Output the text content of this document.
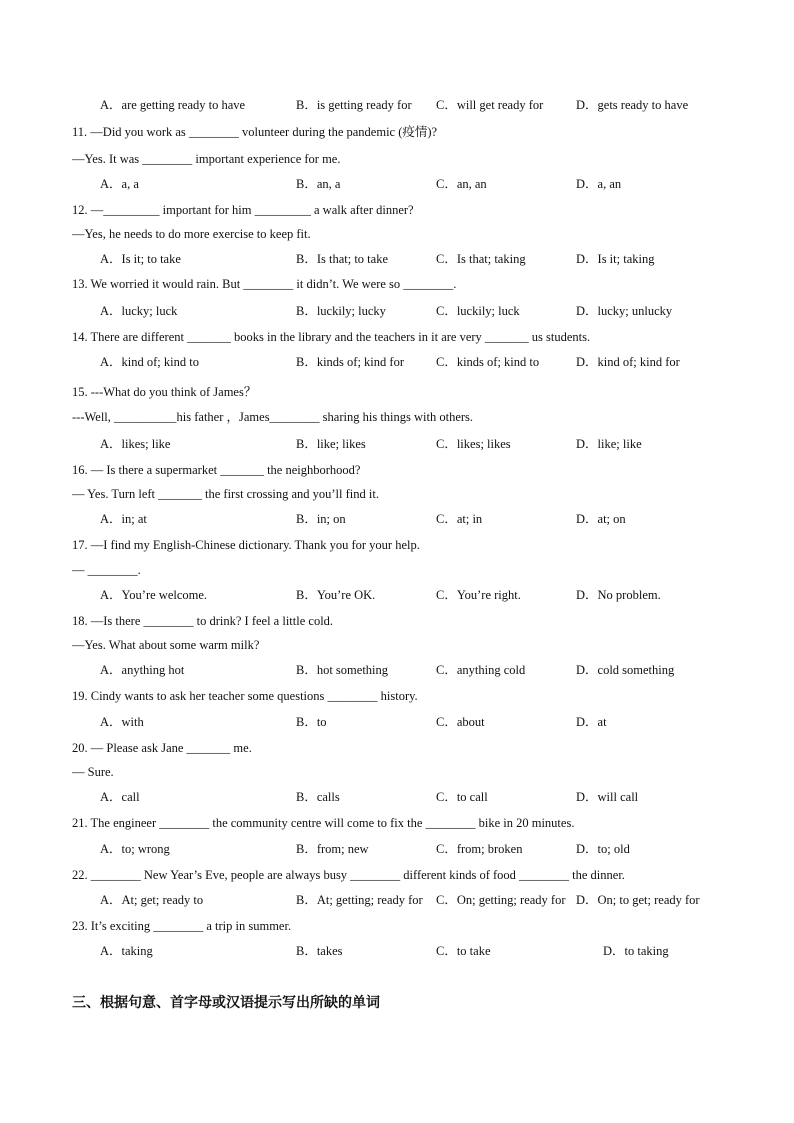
A．are getting ready to have	B．is getting ready for C．will get ready for	D．gets ready to have
11. —Did you work as ________ volunteer during the pandemic (疫情)?
—Yes. It was ________ important experience for me.
A．a, a	B．an, a	C．an, an	D．a, an
12. —_________ important for him _________ a walk after dinner?
—Yes, he needs to do more exercise to keep fit.
A．Is it; to take	B．Is that; to take	C．Is that; taking	D．Is it; taking
13. We worried it would rain. But ________ it didn’t. We were so ________.
A．lucky; luck	B．luckily; lucky	C．luckily; luck	D．lucky; unlucky
14. There are different _______ books in the library and the teachers in it are very _______ us students.
A．kind of; kind to	B．kinds of; kind for	C．kinds of; kind to	D．kind of; kind for
15. ---What do you think of James？
---Well, __________his father ，James________ sharing his things with others.
A．likes; like	B．like; likes	C．likes; likes	D．like; like
16. — Is there a supermarket _______ the neighborhood?
— Yes. Turn left _______ the first crossing and you’ll find it.
A．in; at	B．in; on	C．at; in	D．at; on
17. —I find my English-Chinese dictionary. Thank you for your help.
— ________.
A．You’re welcome.	B．You’re OK.	C．You’re right.	D．No problem.
18. —Is there ________ to drink? I feel a little cold.
—Yes. What about some warm milk?
A．anything hot	B．hot something	C．anything cold	D．cold something
19. Cindy wants to ask her teacher some questions ________ history.
A．with	B．to	C．about	D．at
20. — Please ask Jane _______ me.
— Sure.
A．call	B．calls	C．to call	D．will call
21. The engineer ________ the community centre will come to fix the ________ bike in 20 minutes.
A．to; wrong	B．from; new	C．from; broken	D．to; old
22. ________ New Year’s Eve, people are always busy ________ different kinds of food ________ the dinner.
A．At; get; ready to	B．At; getting; ready for C．On; getting; ready for D．On; to get; ready for
23. It’s exciting ________ a trip in summer.
A．taking	B．takes	C．to take	D．to taking
三、根据句意、首字母或汉语提示写出所缺的单词
